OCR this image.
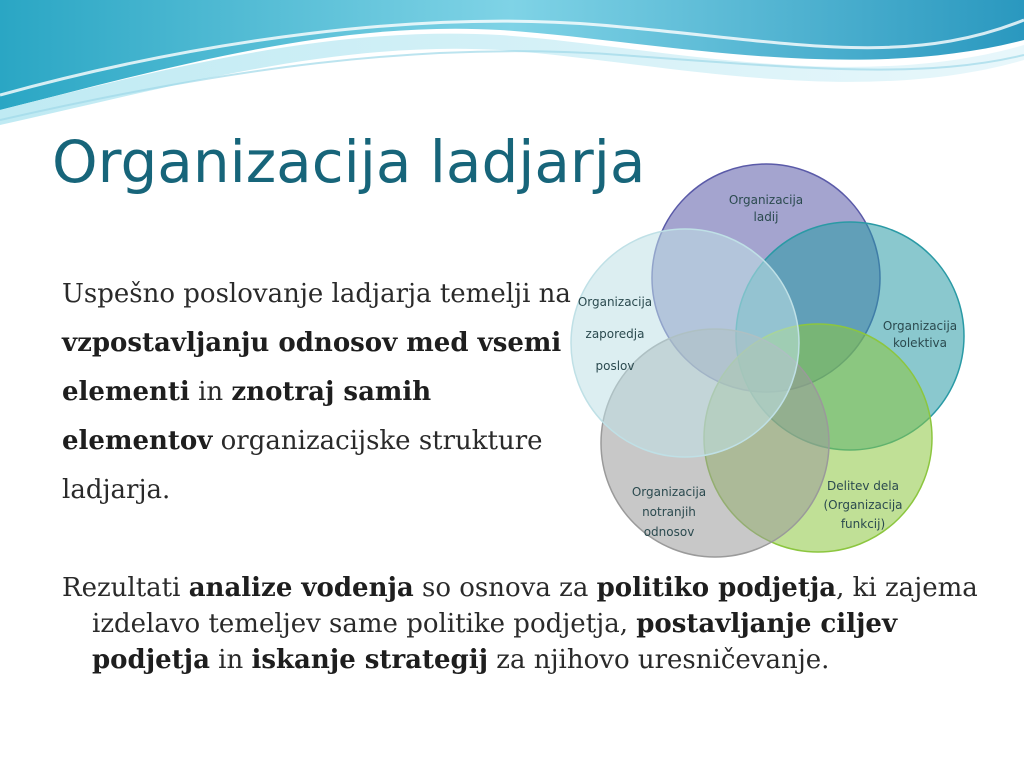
Organizacija ladjarja
Uspešno poslovanje ladjarja temelji na vzpostavljanju odnosov med vsemi elementi in znotraj samih elementov organizacijske strukture ladjarja.
Rezultati analize vodenja so osnova za politiko podjetja, ki zajema izdelavo temeljev same politike podjetja, postavljanje ciljev podjetja in iskanje strategij za njihovo uresničevanje.
Organizacija ladij
Organizacija kolektiva
Delitev dela (Organizacija funkcij)
Organizacija notranjih odnosov
Organizacija zaporedja poslov
